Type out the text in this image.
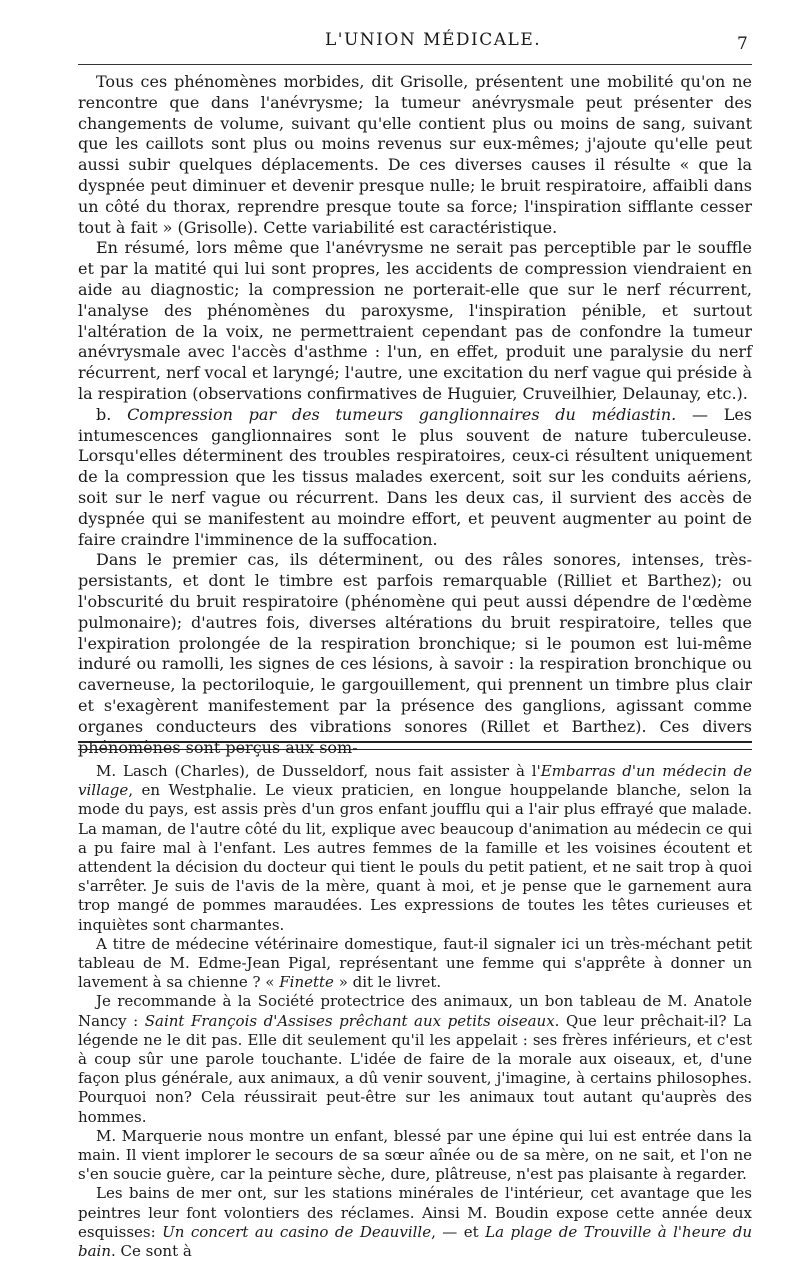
L'UNION MÉDICALE.	7

Tous ces phénomènes morbides, dit Grisolle, présentent une mobilité qu'on ne rencontre que dans l'anévrysme; la tumeur anévrysmale peut présenter des changements de volume, suivant qu'elle contient plus ou moins de sang, suivant que les caillots sont plus ou moins revenus sur eux-mêmes; j'ajoute qu'elle peut aussi subir quelques déplacements. De ces diverses causes il résulte « que la dyspnée peut diminuer et devenir presque nulle; le bruit respiratoire, affaibli dans un côté du thorax, reprendre presque toute sa force; l'inspiration sifflante cesser tout à fait » (Grisolle). Cette variabilité est caractéristique.

En résumé, lors même que l'anévrysme ne serait pas perceptible par le souffle et par la matité qui lui sont propres, les accidents de compression viendraient en aide au diagnostic; la compression ne porterait-elle que sur le nerf récurrent, l'analyse des phénomènes du paroxysme, l'inspiration pénible, et surtout l'altération de la voix, ne permettraient cependant pas de confondre la tumeur anévrysmale avec l'accès d'asthme : l'un, en effet, produit une paralysie du nerf récurrent, nerf vocal et laryngé; l'autre, une excitation du nerf vague qui préside à la respiration (observations confirmatives de Huguier, Cruveilhier, Delaunay, etc.).

b. Compression par des tumeurs ganglionnaires du médiastin. — Les intumescences ganglionnaires sont le plus souvent de nature tuberculeuse. Lorsqu'elles déterminent des troubles respiratoires, ceux-ci résultent uniquement de la compression que les tissus malades exercent, soit sur les conduits aériens, soit sur le nerf vague ou récurrent. Dans les deux cas, il survient des accès de dyspnée qui se manifestent au moindre effort, et peuvent augmenter au point de faire craindre l'imminence de la suffocation.

Dans le premier cas, ils déterminent, ou des râles sonores, intenses, très-persistants, et dont le timbre est parfois remarquable (Rilliet et Barthez); ou l'obscurité du bruit respiratoire (phénomène qui peut aussi dépendre de l'œdème pulmonaire); d'autres fois, diverses altérations du bruit respiratoire, telles que l'expiration prolongée de la respiration bronchique; si le poumon est lui-même induré ou ramolli, les signes de ces lésions, à savoir : la respiration bronchique ou caverneuse, la pectoriloquie, le gargouillement, qui prennent un timbre plus clair et s'exagèrent manifestement par la présence des ganglions, agissant comme organes conducteurs des vibrations sonores (Rillet et Barthez). Ces divers phénomènes sont perçus aux som-

M. Lasch (Charles), de Dusseldorf, nous fait assister à l'Embarras d'un médecin de village, en Westphalie. Le vieux praticien, en longue houppelande blanche, selon la mode du pays, est assis près d'un gros enfant joufflu qui a l'air plus effrayé que malade. La maman, de l'autre côté du lit, explique avec beaucoup d'animation au médecin ce qui a pu faire mal à l'enfant. Les autres femmes de la famille et les voisines écoutent et attendent la décision du docteur qui tient le pouls du petit patient, et ne sait trop à quoi s'arrêter. Je suis de l'avis de la mère, quant à moi, et je pense que le garnement aura trop mangé de pommes maraudées. Les expressions de toutes les têtes curieuses et inquiètes sont charmantes.

A titre de médecine vétérinaire domestique, faut-il signaler ici un très-méchant petit tableau de M. Edme-Jean Pigal, représentant une femme qui s'apprête à donner un lavement à sa chienne ? « Finette » dit le livret.

Je recommande à la Société protectrice des animaux, un bon tableau de M. Anatole Nancy : Saint François d'Assises prêchant aux petits oiseaux. Que leur prêchait-il? La légende ne le dit pas. Elle dit seulement qu'il les appelait : ses frères inférieurs, et c'est à coup sûr une parole touchante. L'idée de faire de la morale aux oiseaux, et, d'une façon plus générale, aux animaux, a dû venir souvent, j'imagine, à certains philosophes. Pourquoi non? Cela réussirait peut-être sur les animaux tout autant qu'auprès des hommes.

M. Marquerie nous montre un enfant, blessé par une épine qui lui est entrée dans la main. Il vient implorer le secours de sa sœur aînée ou de sa mère, on ne sait, et l'on ne s'en soucie guère, car la peinture sèche, dure, plâtreuse, n'est pas plaisante à regarder.

Les bains de mer ont, sur les stations minérales de l'intérieur, cet avantage que les peintres leur font volontiers des réclames. Ainsi M. Boudin expose cette année deux esquisses: Un concert au casino de Deauville, — et La plage de Trouville à l'heure du bain. Ce sont à
